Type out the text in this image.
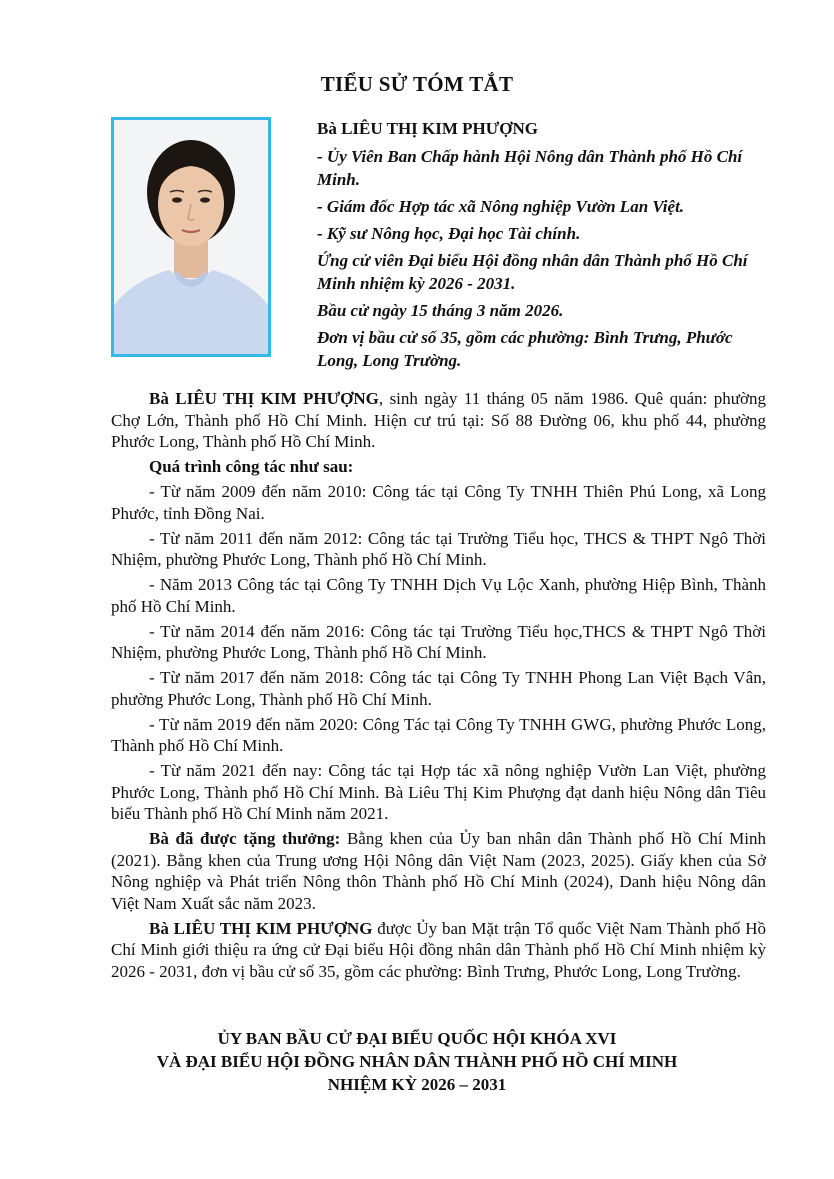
TIỂU SỬ TÓM TẮT

Bà LIÊU THỊ KIM PHƯỢNG

- Ủy Viên Ban Chấp hành Hội Nông dân Thành phố Hồ Chí Minh.

- Giám đốc Hợp tác xã Nông nghiệp Vườn Lan Việt.

- Kỹ sư Nông học, Đại học Tài chính.

Ứng cử viên Đại biểu Hội đồng nhân dân Thành phố Hồ Chí Minh nhiệm kỳ 2026 - 2031.

Bầu cử ngày 15 tháng 3 năm 2026.

Đơn vị bầu cử số 35, gồm các phường: Bình Trưng, Phước Long, Long Trường.

Bà LIÊU THỊ KIM PHƯỢNG, sinh ngày 11 tháng 05 năm 1986. Quê quán: phường Chợ Lớn, Thành phố Hồ Chí Minh. Hiện cư trú tại: Số 88 Đường 06, khu phố 44, phường Phước Long, Thành phố Hồ Chí Minh.

Quá trình công tác như sau:

- Từ năm 2009 đến năm 2010: Công tác tại Công Ty TNHH Thiên Phú Long, xã Long Phước, tỉnh Đồng Nai.

- Từ năm 2011 đến năm 2012: Công tác tại Trường Tiểu học, THCS & THPT Ngô Thời Nhiệm, phường Phước Long, Thành phố Hồ Chí Minh.

- Năm 2013 Công tác tại Công Ty TNHH Dịch Vụ Lộc Xanh, phường Hiệp Bình, Thành phố Hồ Chí Minh.

- Từ năm 2014 đến năm 2016: Công tác tại Trường Tiểu học,THCS & THPT Ngô Thời Nhiệm, phường Phước Long, Thành phố Hồ Chí Minh.

- Từ năm 2017 đến năm 2018: Công tác tại Công Ty TNHH Phong Lan Việt Bạch Vân, phường Phước Long, Thành phố Hồ Chí Minh.

- Từ năm 2019 đến năm 2020: Công Tác tại Công Ty TNHH GWG, phường Phước Long, Thành phố Hồ Chí Minh.

- Từ năm 2021 đến nay: Công tác tại Hợp tác xã nông nghiệp Vườn Lan Việt, phường Phước Long, Thành phố Hồ Chí Minh. Bà Liêu Thị Kim Phượng đạt danh hiệu Nông dân Tiêu biểu Thành phố Hồ Chí Minh năm 2021.

Bà đã được tặng thưởng: Bằng khen của Ủy ban nhân dân Thành phố Hồ Chí Minh (2021). Bằng khen của Trung ương Hội Nông dân Việt Nam (2023, 2025). Giấy khen của Sở Nông nghiệp và Phát triển Nông thôn Thành phố Hồ Chí Minh (2024), Danh hiệu Nông dân Việt Nam Xuất sắc năm 2023.

Bà LIÊU THỊ KIM PHƯỢNG được Ủy ban Mặt trận Tổ quốc Việt Nam Thành phố Hồ Chí Minh giới thiệu ra ứng cử Đại biểu Hội đồng nhân dân Thành phố Hồ Chí Minh nhiệm kỳ 2026 - 2031, đơn vị bầu cử số 35, gồm các phường: Bình Trưng, Phước Long, Long Trường.

ỦY BAN BẦU CỬ ĐẠI BIỂU QUỐC HỘI KHÓA XVI
VÀ ĐẠI BIỂU HỘI ĐỒNG NHÂN DÂN THÀNH PHỐ HỒ CHÍ MINH
NHIỆM KỲ 2026 – 2031
